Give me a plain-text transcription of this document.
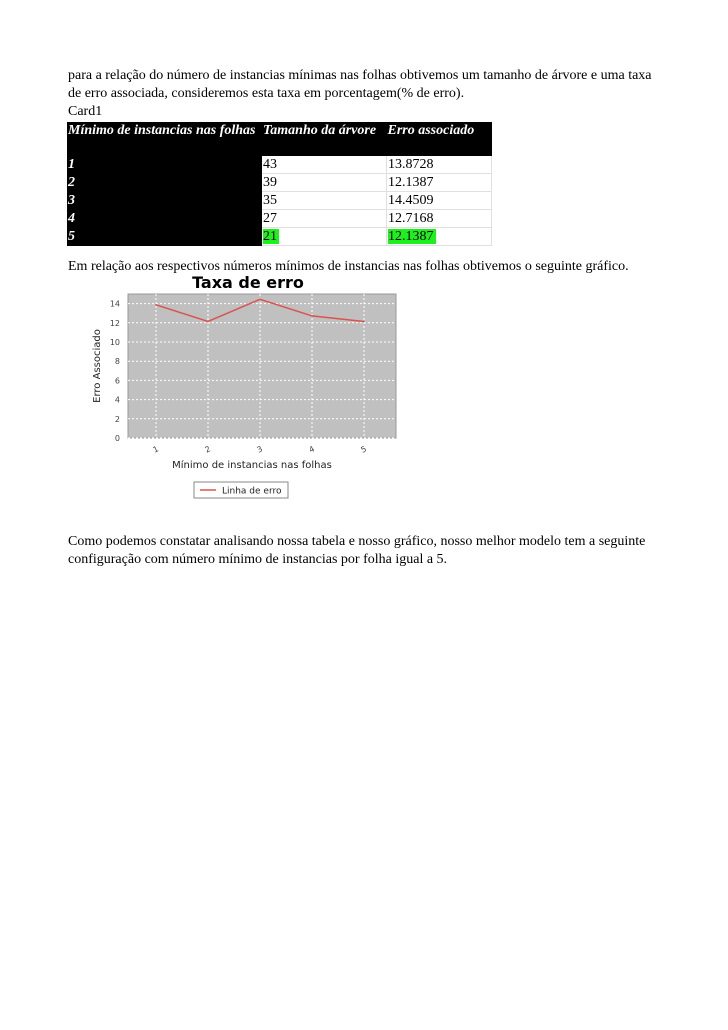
para a relação do número de instancias mínimas nas folhas obtivemos um tamanho de árvore e uma taxa de erro associada, consideremos esta taxa em porcentagem(% de erro).
Card1
Mínimo de instancias nas folhas	Tamanho da árvore	Erro associado
1	43	13.8728
2	39	12.1387
3	35	14.4509
4	27	12.7168
5	21	12.1387
Em relação aos respectivos números mínimos de instancias nas folhas obtivemos o seguinte gráfico.
Taxa de erro
0
2
4
6
8
10
12
14
1	2	3	4	5
Mínimo de instancias nas folhas
Erro Associado
Linha de erro
Como podemos constatar analisando nossa tabela e nosso gráfico, nosso melhor modelo tem a seguinte configuração com número mínimo de instancias por folha igual a 5.
